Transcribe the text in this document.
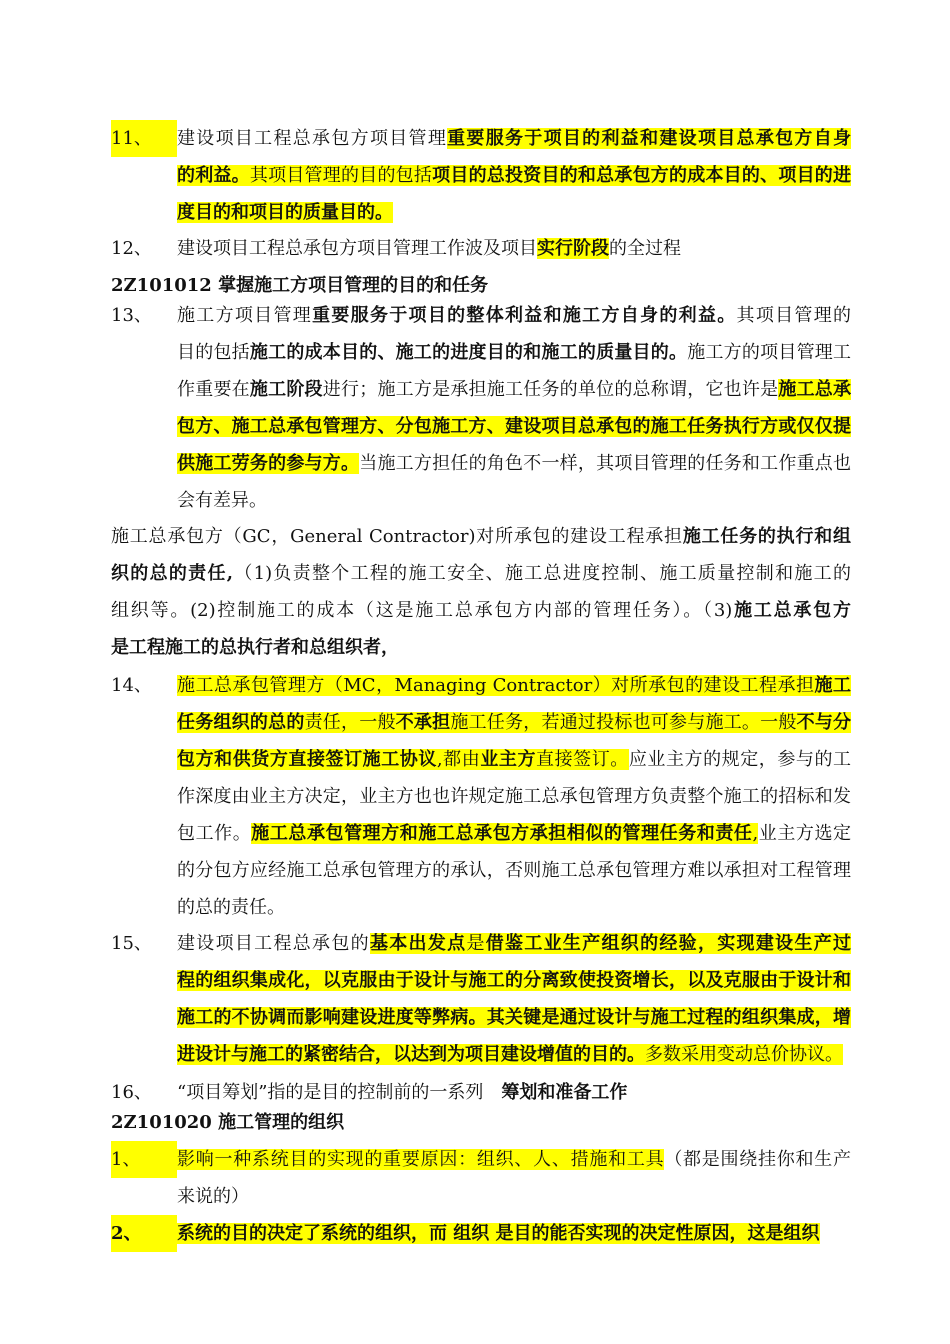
11、	建设项目工程总承包方项目管理重要服务于项目的利益和建设项目总承包方自身
的利益。其项目管理的目的包括项目的总投资目的和总承包方的成本目的、项目的进
度目的和项目的质量目的。
12、	建设项目工程总承包方项目管理工作波及项目实行阶段的全过程
2Z101012 掌握施工方项目管理的目的和任务
13、	施工方项目管理重要服务于项目的整体利益和施工方自身的利益。其项目管理的
目的包括施工的成本目的、施工的进度目的和施工的质量目的。施工方的项目管理工
作重要在施工阶段进行；施工方是承担施工任务的单位的总称谓，它也许是施工总承
包方、施工总承包管理方、分包施工方、建设项目总承包的施工任务执行方或仅仅提
供施工劳务的参与方。当施工方担任的角色不一样，其项目管理的任务和工作重点也
会有差异。
施工总承包方（GC，General Contractor)对所承包的建设工程承担施工任务的执行和组
织的总的责任,（1)负责整个工程的施工安全、施工总进度控制、施工质量控制和施工的
组织等。(2)控制施工的成本（这是施工总承包方内部的管理任务）。（3)施工总承包方
是工程施工的总执行者和总组织者，
14、	施工总承包管理方（MC，Managing Contractor）对所承包的建设工程承担施工
任务组织的总的责任，一般不承担施工任务，若通过投标也可参与施工。一般不与分
包方和供货方直接签订施工协议,都由业主方直接签订。应业主方的规定，参与的工
作深度由业主方决定，业主方也也许规定施工总承包管理方负责整个施工的招标和发
包工作。施工总承包管理方和施工总承包方承担相似的管理任务和责任,业主方选定
的分包方应经施工总承包管理方的承认，否则施工总承包管理方难以承担对工程管理
的总的责任。
15、	建设项目工程总承包的基本出发点是借鉴工业生产组织的经验，实现建设生产过
程的组织集成化，以克服由于设计与施工的分离致使投资增长，以及克服由于设计和
施工的不协调而影响建设进度等弊病。其关键是通过设计与施工过程的组织集成，增
进设计与施工的紧密结合，以达到为项目建设增值的目的。多数采用变动总价协议。
16、	“项目筹划”指的是目的控制前的一系列　筹划和准备工作
2Z101020 施工管理的组织
1、	影响一种系统目的实现的重要原因：组织、人、措施和工具（都是围绕挂你和生产
来说的）
2、	系统的目的决定了系统的组织，而 组织 是目的能否实现的决定性原因，这是组织
